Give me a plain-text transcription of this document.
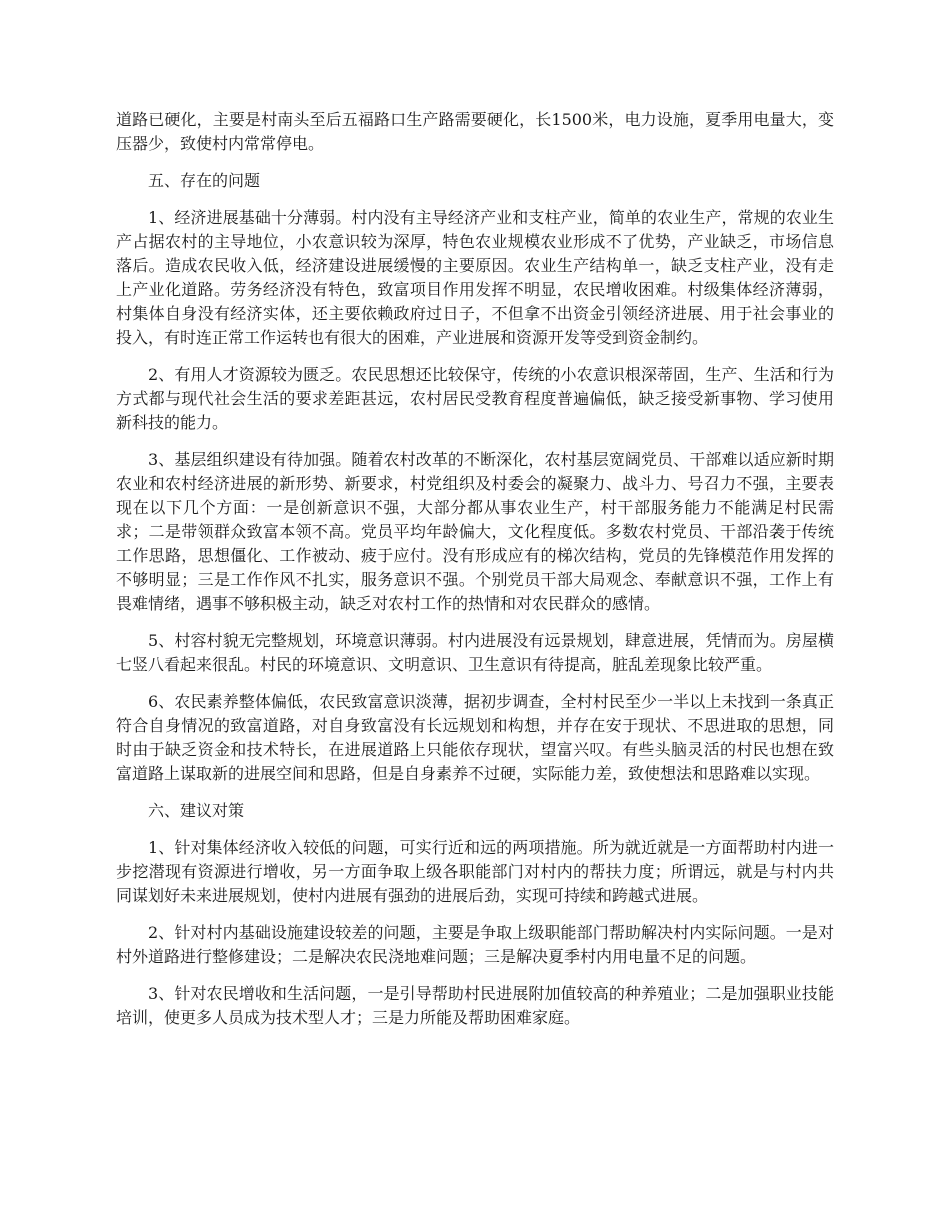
道路已硬化，主要是村南头至后五福路口生产路需要硬化，长1500米，电力设施，夏季用电量大，变压器少，致使村内常常停电。

五、存在的问题

1、经济进展基础十分薄弱。村内没有主导经济产业和支柱产业，简单的农业生产，常规的农业生产占据农村的主导地位，小农意识较为深厚，特色农业规模农业形成不了优势，产业缺乏，市场信息落后。造成农民收入低，经济建设进展缓慢的主要原因。农业生产结构单一，缺乏支柱产业，没有走上产业化道路。劳务经济没有特色，致富项目作用发挥不明显，农民增收困难。村级集体经济薄弱，村集体自身没有经济实体，还主要依赖政府过日子，不但拿不出资金引领经济进展、用于社会事业的投入，有时连正常工作运转也有很大的困难，产业进展和资源开发等受到资金制约。

2、有用人才资源较为匮乏。农民思想还比较保守，传统的小农意识根深蒂固，生产、生活和行为方式都与现代社会生活的要求差距甚远，农村居民受教育程度普遍偏低，缺乏接受新事物、学习使用新科技的能力。

3、基层组织建设有待加强。随着农村改革的不断深化，农村基层宽阔党员、干部难以适应新时期农业和农村经济进展的新形势、新要求，村党组织及村委会的凝聚力、战斗力、号召力不强，主要表现在以下几个方面：一是创新意识不强，大部分都从事农业生产，村干部服务能力不能满足村民需求；二是带领群众致富本领不高。党员平均年龄偏大，文化程度低。多数农村党员、干部沿袭于传统工作思路，思想僵化、工作被动、疲于应付。没有形成应有的梯次结构，党员的先锋模范作用发挥的不够明显；三是工作作风不扎实，服务意识不强。个别党员干部大局观念、奉献意识不强，工作上有畏难情绪，遇事不够积极主动，缺乏对农村工作的热情和对农民群众的感情。

5、村容村貌无完整规划，环境意识薄弱。村内进展没有远景规划，肆意进展，凭情而为。房屋横七竖八看起来很乱。村民的环境意识、文明意识、卫生意识有待提高，脏乱差现象比较严重。

6、农民素养整体偏低，农民致富意识淡薄，据初步调查，全村村民至少一半以上未找到一条真正符合自身情况的致富道路，对自身致富没有长远规划和构想，并存在安于现状、不思进取的思想，同时由于缺乏资金和技术特长，在进展道路上只能依存现状，望富兴叹。有些头脑灵活的村民也想在致富道路上谋取新的进展空间和思路，但是自身素养不过硬，实际能力差，致使想法和思路难以实现。

六、建议对策

1、针对集体经济收入较低的问题，可实行近和远的两项措施。所为就近就是一方面帮助村内进一步挖潜现有资源进行增收，另一方面争取上级各职能部门对村内的帮扶力度；所谓远，就是与村内共同谋划好未来进展规划，使村内进展有强劲的进展后劲，实现可持续和跨越式进展。

2、针对村内基础设施建设较差的问题，主要是争取上级职能部门帮助解决村内实际问题。一是对村外道路进行整修建设；二是解决农民浇地难问题；三是解决夏季村内用电量不足的问题。

3、针对农民增收和生活问题，一是引导帮助村民进展附加值较高的种养殖业；二是加强职业技能培训，使更多人员成为技术型人才；三是力所能及帮助困难家庭。
